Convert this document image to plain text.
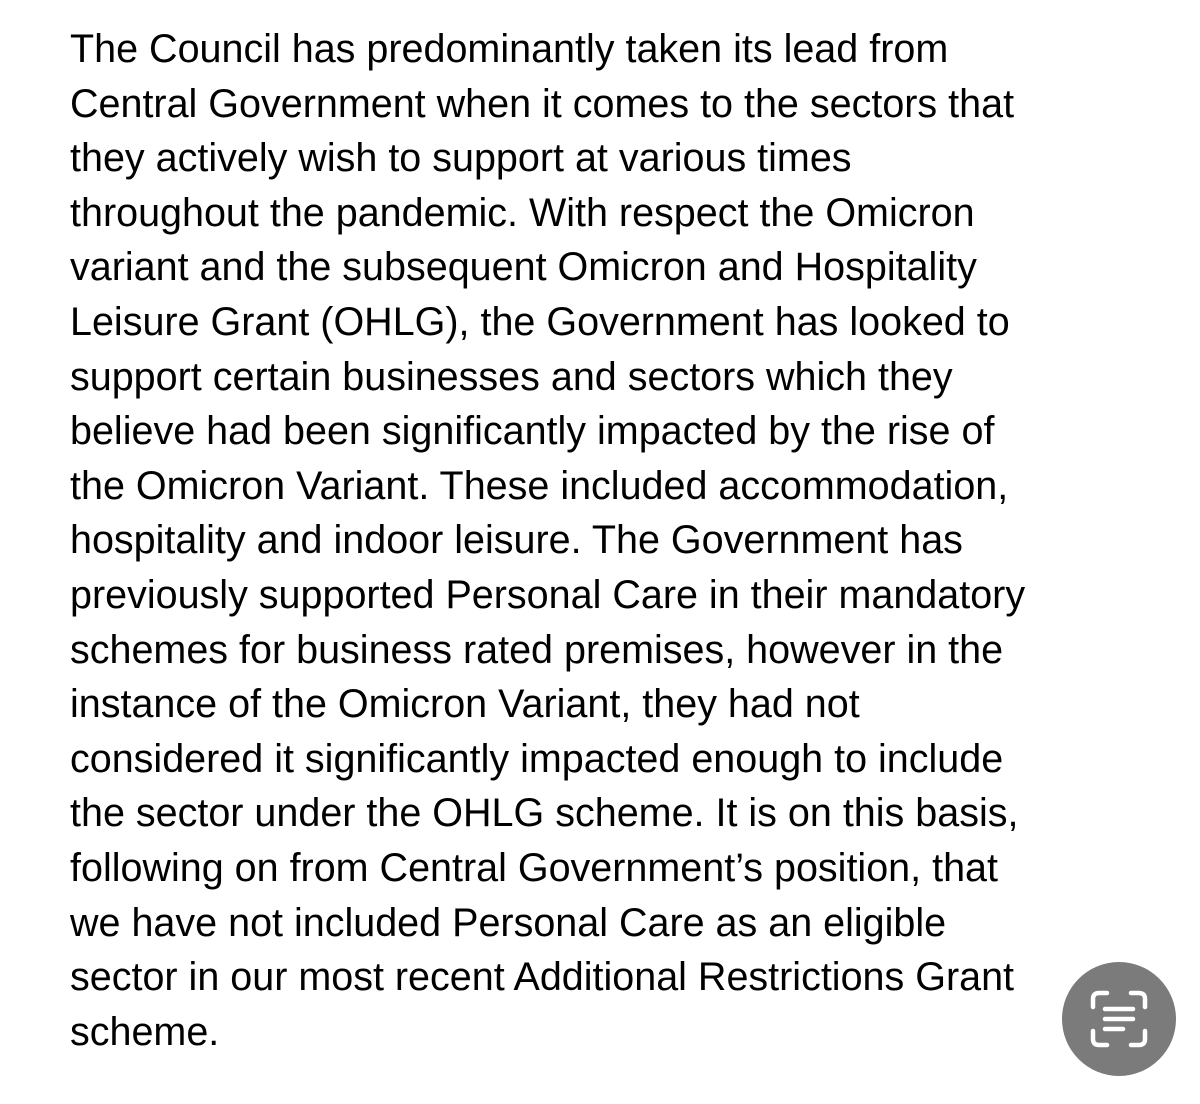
The Council has predominantly taken its lead from
Central Government when it comes to the sectors that
they actively wish to support at various times
throughout the pandemic. With respect the Omicron
variant and the subsequent Omicron and Hospitality
Leisure Grant (OHLG), the Government has looked to
support certain businesses and sectors which they
believe had been significantly impacted by the rise of
the Omicron Variant. These included accommodation,
hospitality and indoor leisure. The Government has
previously supported Personal Care in their mandatory
schemes for business rated premises, however in the
instance of the Omicron Variant, they had not
considered it significantly impacted enough to include
the sector under the OHLG scheme. It is on this basis,
following on from Central Government’s position, that
we have not included Personal Care as an eligible
sector in our most recent Additional Restrictions Grant
scheme.
